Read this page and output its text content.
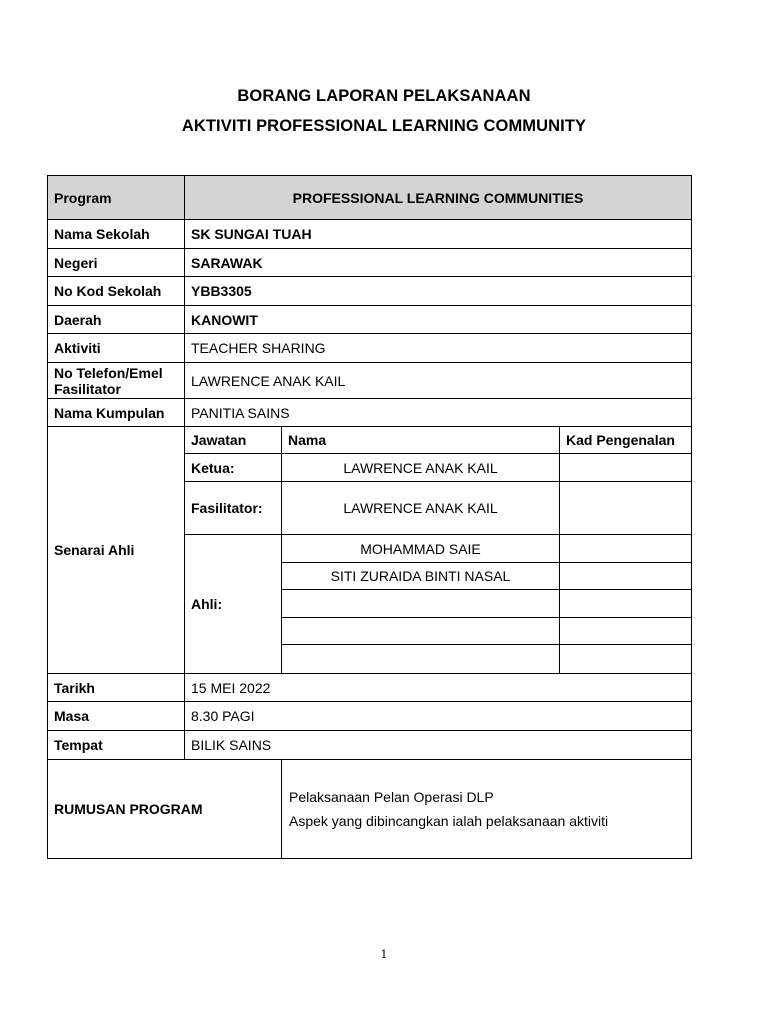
BORANG LAPORAN PELAKSANAAN
AKTIVITI PROFESSIONAL LEARNING COMMUNITY
Program	PROFESSIONAL LEARNING COMMUNITIES		
Nama Sekolah	SK SUNGAI TUAH		
Negeri	SARAWAK		
No Kod Sekolah	YBB3305		
Daerah	KANOWIT		
Aktiviti	TEACHER SHARING		
No Telefon/Emel
Fasilitator	LAWRENCE ANAK KAIL		
Nama Kumpulan	PANITIA SAINS		
Senarai Ahli	Jawatan	Nama	Kad Pengenalan
	Ketua:	LAWRENCE ANAK KAIL	
	Fasilitator:	LAWRENCE ANAK KAIL	
	Ahli:	MOHAMMAD SAIE	
		SITI ZURAIDA BINTI NASAL	

Tarikh	15 MEI 2022		
Masa	8.30 PAGI		
Tempat	BILIK SAINS		
RUMUSAN PROGRAM		Pelaksanaan Pelan Operasi DLP
Aspek yang dibincangkan ialah pelaksanaan aktiviti	
1
